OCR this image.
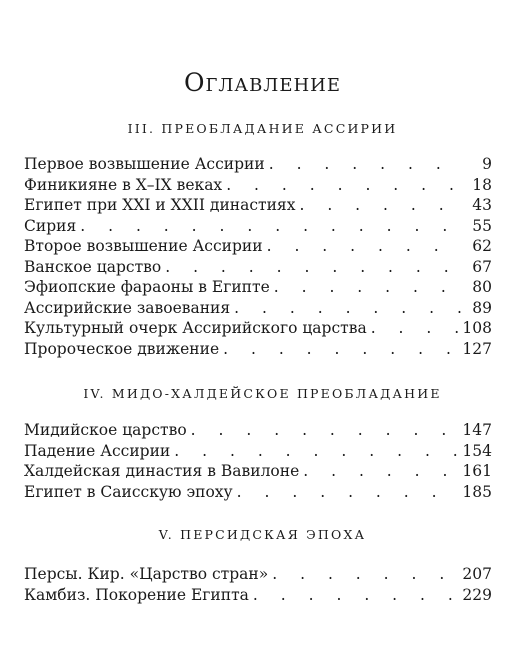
Оглавление
III. ПРЕОБЛАДАНИЕ АССИРИИ
Первое возвышение Ассирии . . .	9
Финикияне в X–IX веках . . .	18
Египет при XXI и XXII династиях . . .	43
Сирия . . .	55
Второе возвышение Ассирии . . .	62
Ванское царство . . .	67
Эфиопские фараоны в Египте . . .	80
Ассирийские завоевания . . .	89
Культурный очерк Ассирийского царства . . .	108
Пророческое движение . . .	127
IV. МИДО-ХАЛДЕЙСКОЕ ПРЕОБЛАДАНИЕ
Мидийское царство . . .	147
Падение Ассирии . . .	154
Халдейская династия в Вавилоне . . .	161
Египет в Саисскую эпоху . . .	185
V. ПЕРСИДСКАЯ ЭПОХА
Персы. Кир. «Царство стран» . . .	207
Камбиз. Покорение Египта . . .	229
